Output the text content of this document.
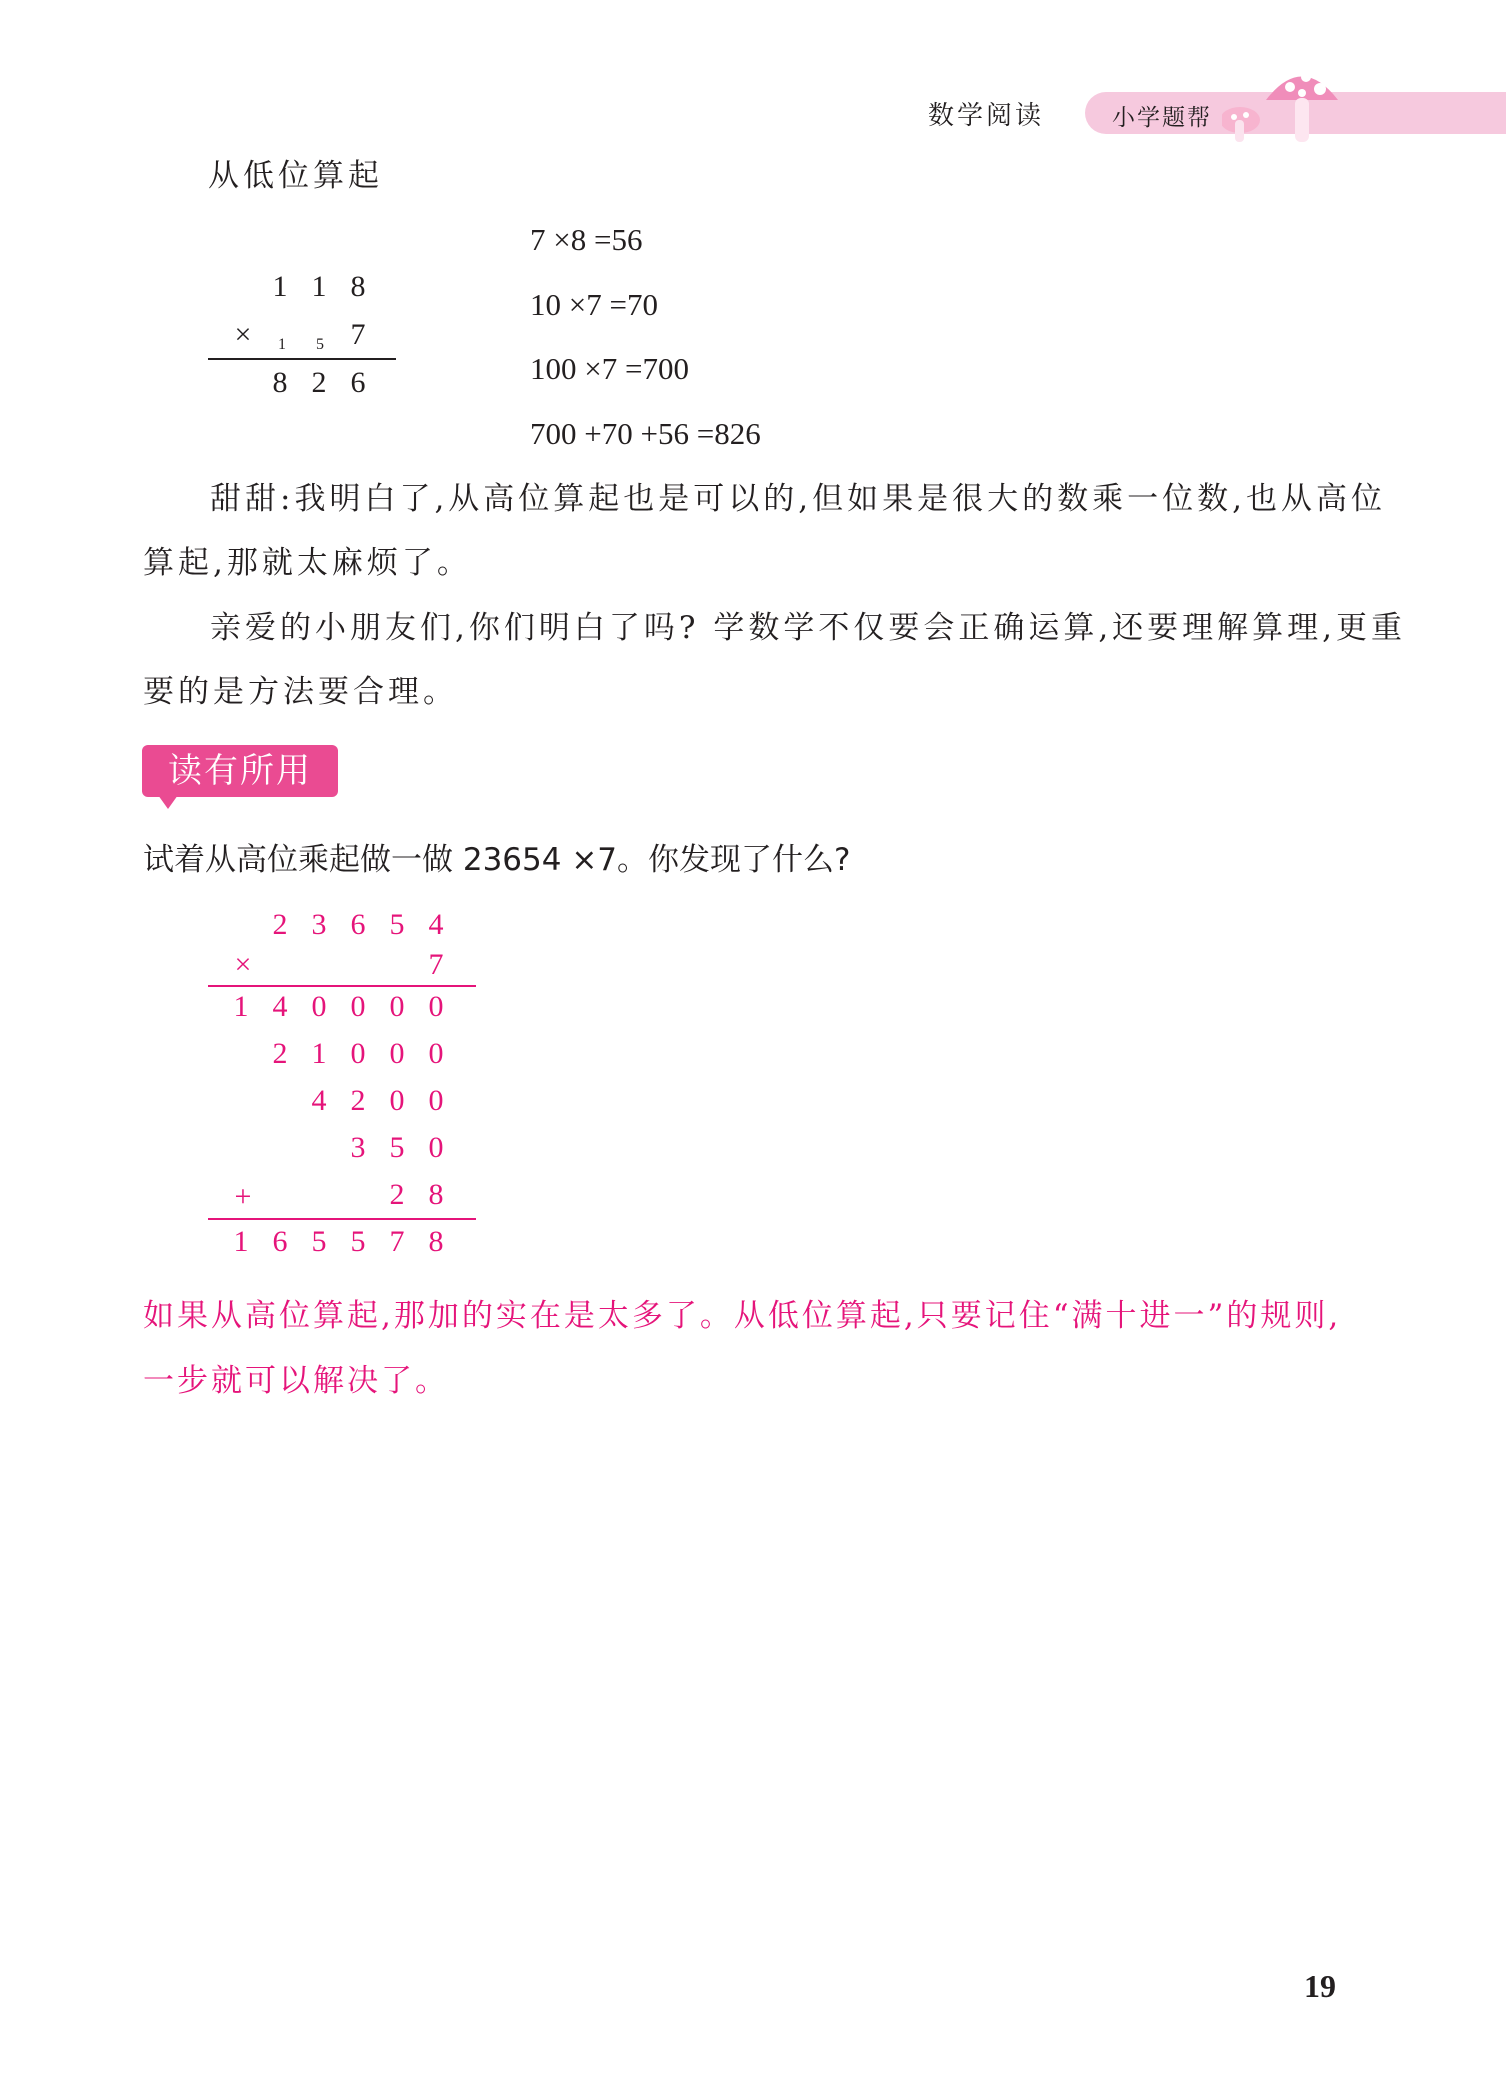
数学阅读	小学题帮
从低位算起
1 1 8
×	1	5 7
8 2 6
7 ×8 =56
10 ×7 =70
100 ×7 =700
700 +70 +56 =826
甜甜:我明白了,从高位算起也是可以的,但如果是很大的数乘一位数,也从高位
算起,那就太麻烦了。
亲爱的小朋友们,你们明白了吗? 学数学不仅要会正确运算,还要理解算理,更重
要的是方法要合理。
读有所用
试着从高位乘起做一做 23654 ×7。你发现了什么?
2 3 6 5 4
×	7
1 4 0 0 0 0
2 1 0 0 0
4 2 0 0
3 5 0
+	2 8
1 6 5 5 7 8
如果从高位算起,那加的实在是太多了。从低位算起,只要记住“满十进一”的规则,
一步就可以解决了。
19
